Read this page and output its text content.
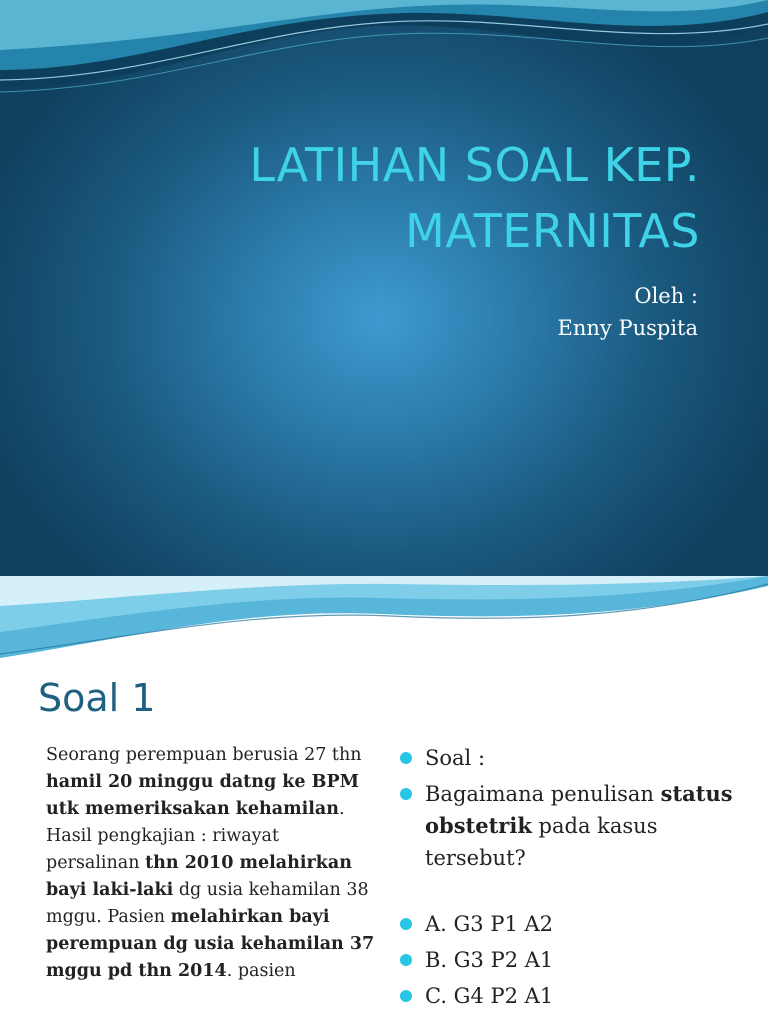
LATIHAN SOAL KEP.
MATERNITAS
Oleh :
Enny Puspita
Soal 1
Seorang perempuan berusia 27 thn hamil 20 minggu datng ke BPM utk memeriksakan kehamilan. Hasil pengkajian : riwayat persalinan thn 2010 melahirkan bayi laki-laki dg usia kehamilan 38 mggu. Pasien melahirkan bayi perempuan dg usia kehamilan 37 mggu pd thn 2014. pasien
Soal :
Bagaimana penulisan status obstetrik pada kasus tersebut?
A. G3 P1 A2
B. G3 P2 A1
C. G4 P2 A1
